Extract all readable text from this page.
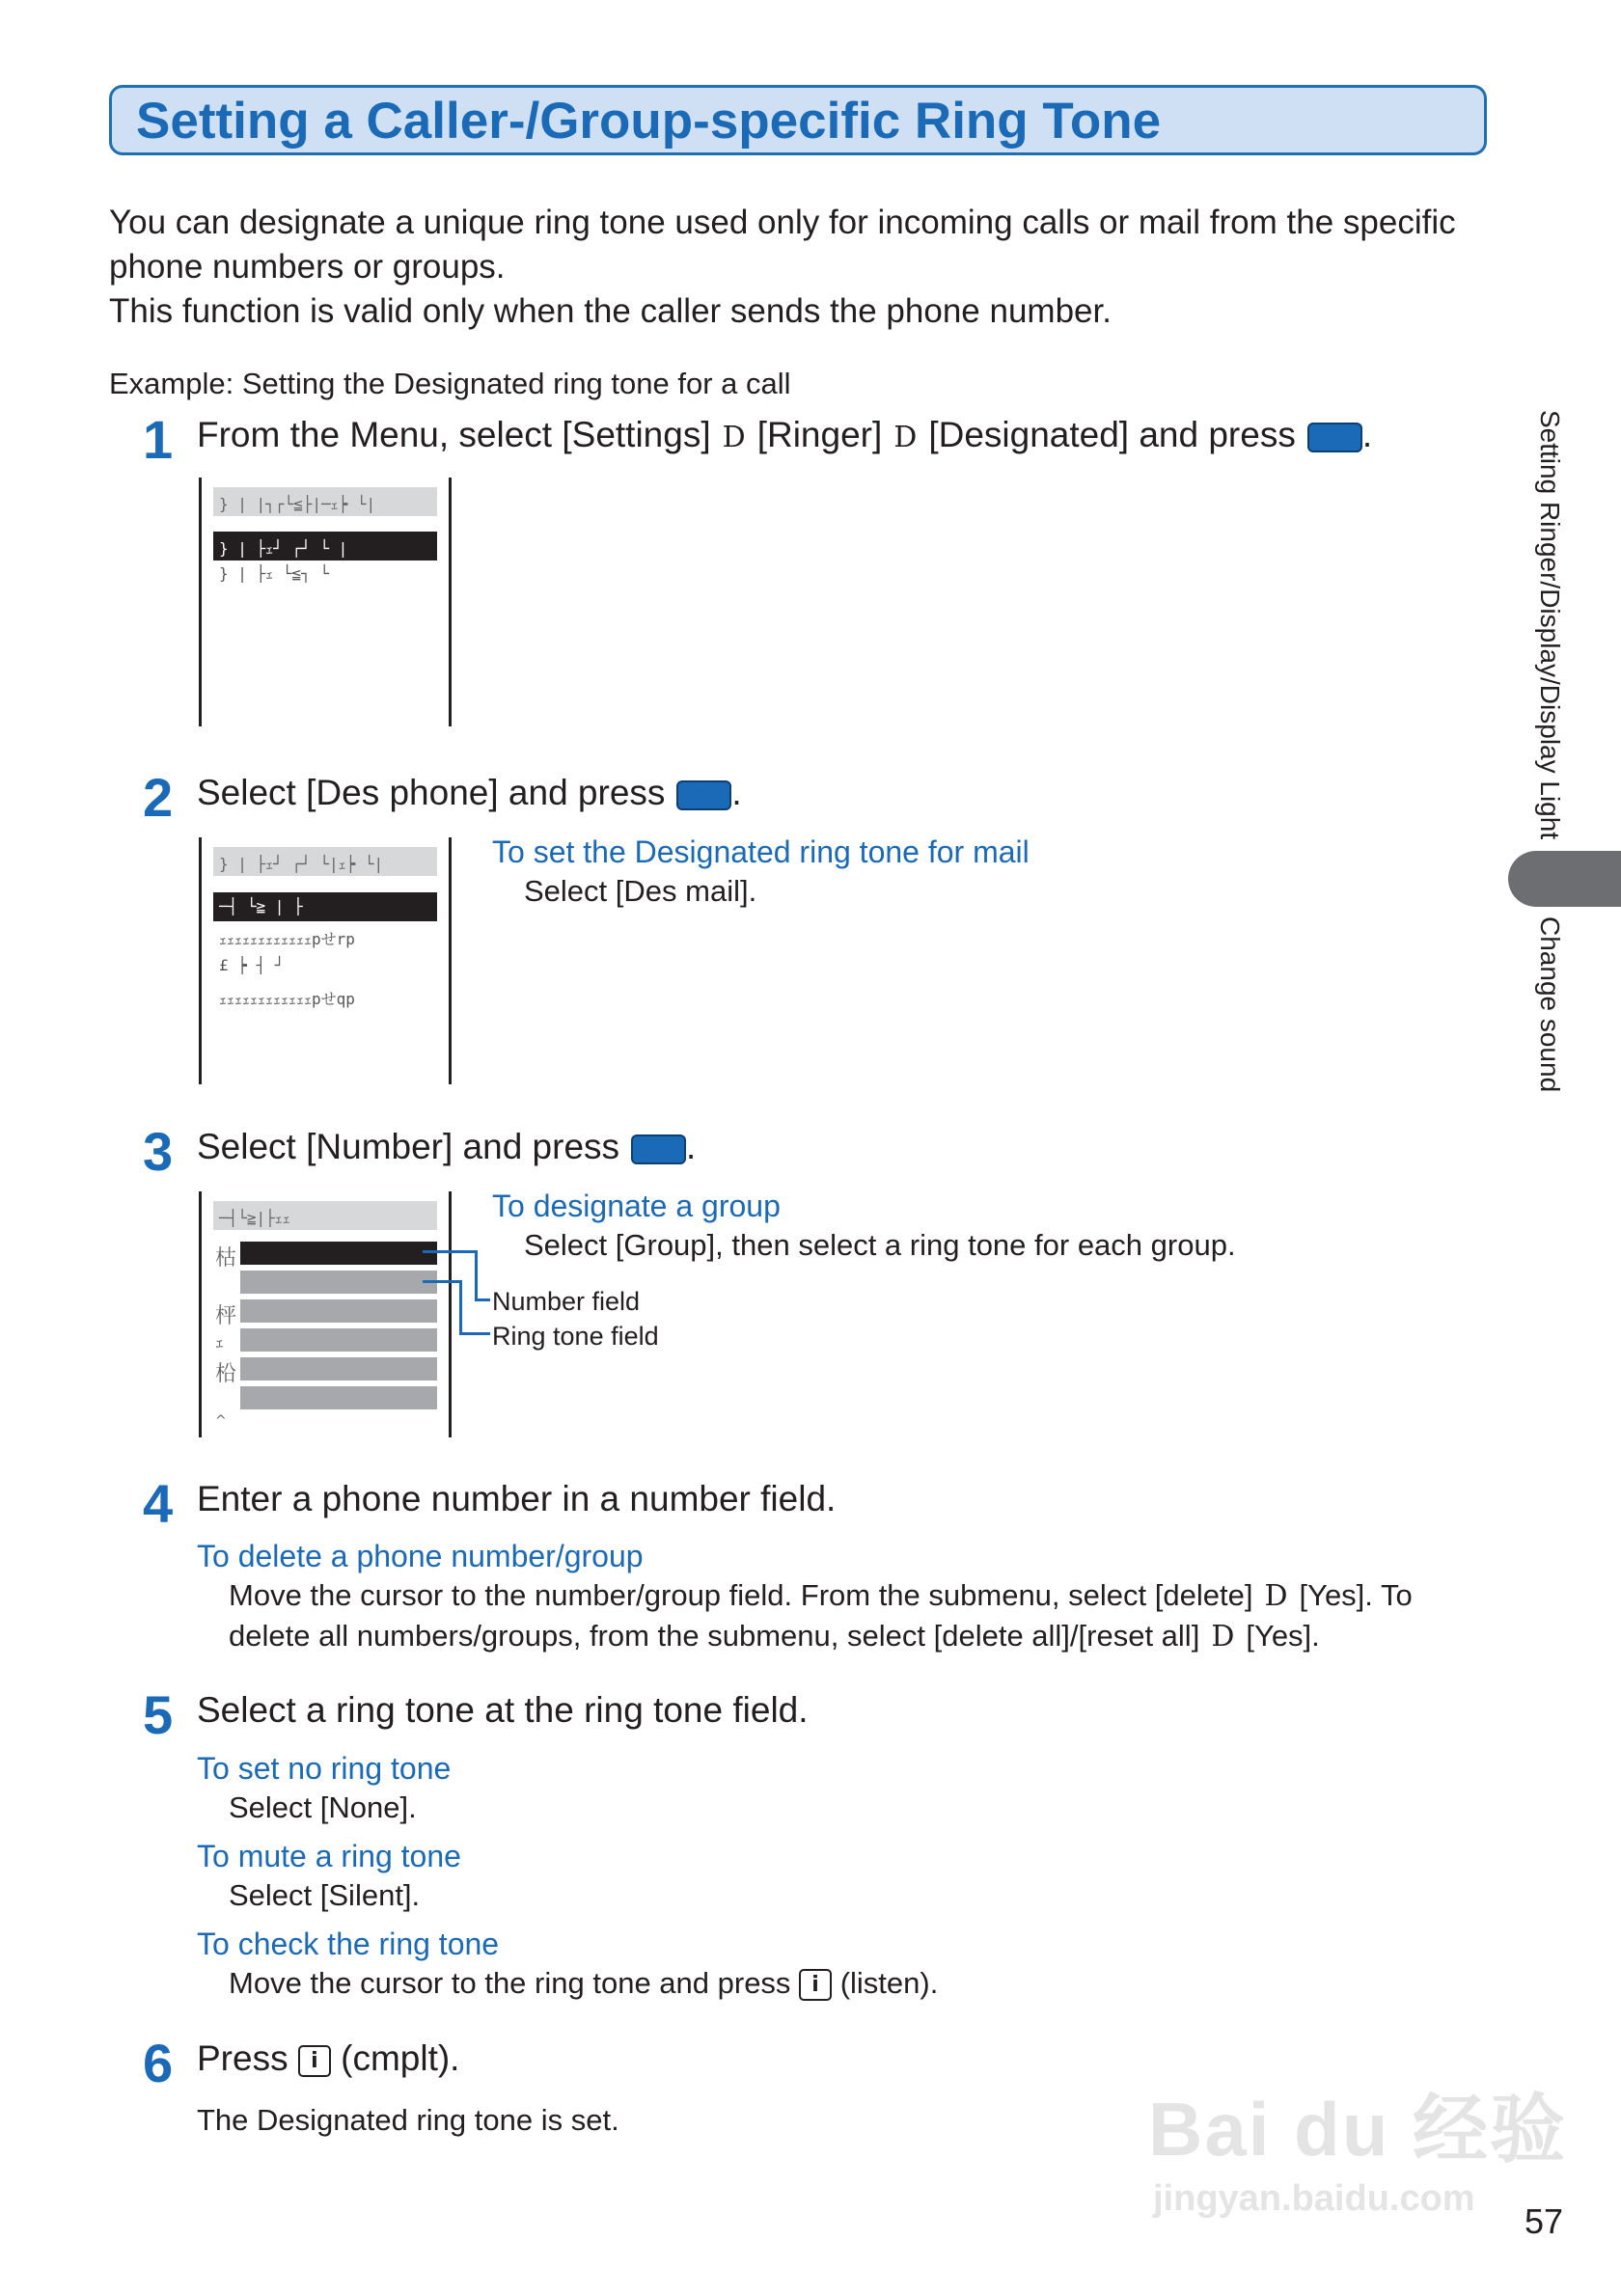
Setting a Caller-/Group-specific Ring Tone
You can designate a unique ring tone used only for incoming calls or mail from the specific phone numbers or groups.
This function is valid only when the caller sends the phone number.
Example: Setting the Designated ring tone for a call
1 From the Menu, select [Settings] D [Ringer] D [Designated] and press .
} | |┐┌└≦├|─ｪ┝ └|
} | ├ｪ┘ ┌┘ └ |
} | ├ｪ └≦┐ └
2 Select [Des phone] and press .
} | ├ｪ┘ ┌┘ └|ｪ┝ └|
─┤ └≧ | ├
ｪｪｪｪｪｪｪｪｪｪｪｪpせrp
£ ┝ ┤ ┘
ｪｪｪｪｪｪｪｪｪｪｪｪpせqp
To set the Designated ring tone for mail
Select [Des mail].
3 Select [Number] and press .
─┤└≧|├ｪｪ
枯
枰
ｪ
柗
^
Number field
Ring tone field
To designate a group
Select [Group], then select a ring tone for each group.
4 Enter a phone number in a number field.
To delete a phone number/group
Move the cursor to the number/group field. From the submenu, select [delete] D [Yes]. To delete all numbers/groups, from the submenu, select [delete all]/[reset all] D [Yes].
5 Select a ring tone at the ring tone field.
To set no ring tone
Select [None].
To mute a ring tone
Select [Silent].
To check the ring tone
Move the cursor to the ring tone and press i (listen).
6 Press i (cmplt).
The Designated ring tone is set.
Setting Ringer/Display/Display Light
Change sound
Bai du 经验
jingyan.baidu.com
57
